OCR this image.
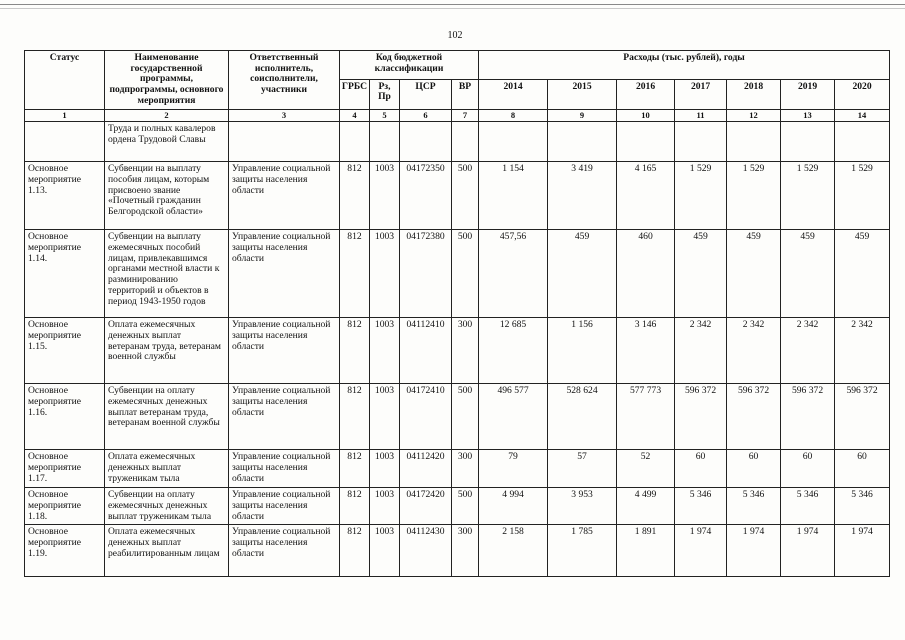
102
Статус	Наименование государственной программы, подпрограммы, основного мероприятия	Ответственный исполнитель, соисполнители, участники	Код бюджетной классификации				Расходы (тыс. рублей), годы						
			ГРБС	Рз, Пр	ЦСР	ВР	2014	2015	2016	2017	2018	2019	2020
1	2	3	4	5	6	7	8	9	10	11	12	13	14
	Труда и полных кавалеров ордена Трудовой Славы												
Основное мероприятие 1.13.	Субвенции на выплату пособия лицам, которым присвоено звание «Почетный гражданин Белгородской области»	Управление социальной защиты населения области	812	1003	04172350	500	1 154	3 419	4 165	1 529	1 529	1 529	1 529
Основное мероприятие 1.14.	Субвенции на выплату ежемесячных пособий лицам, привлекавшимся органами местной власти к разминированию территорий и объектов в период 1943-1950 годов	Управление социальной защиты населения области	812	1003	04172380	500	457,56	459	460	459	459	459	459
Основное мероприятие 1.15.	Оплата ежемесячных денежных выплат ветеранам труда, ветеранам военной службы	Управление социальной защиты населения области	812	1003	04112410	300	12 685	1 156	3 146	2 342	2 342	2 342	2 342
Основное мероприятие 1.16.	Субвенции на оплату ежемесячных денежных выплат ветеранам труда, ветеранам военной службы	Управление социальной защиты населения области	812	1003	04172410	500	496 577	528 624	577 773	596 372	596 372	596 372	596 372
Основное мероприятие 1.17.	Оплата ежемесячных денежных выплат труженикам тыла	Управление социальной защиты населения области	812	1003	04112420	300	79	57	52	60	60	60	60
Основное мероприятие 1.18.	Субвенции на оплату ежемесячных денежных выплат труженикам тыла	Управление социальной защиты населения области	812	1003	04172420	500	4 994	3 953	4 499	5 346	5 346	5 346	5 346
Основное мероприятие 1.19.	Оплата ежемесячных денежных выплат реабилитированным лицам	Управление социальной защиты населения области	812	1003	04112430	300	2 158	1 785	1 891	1 974	1 974	1 974	1 974
